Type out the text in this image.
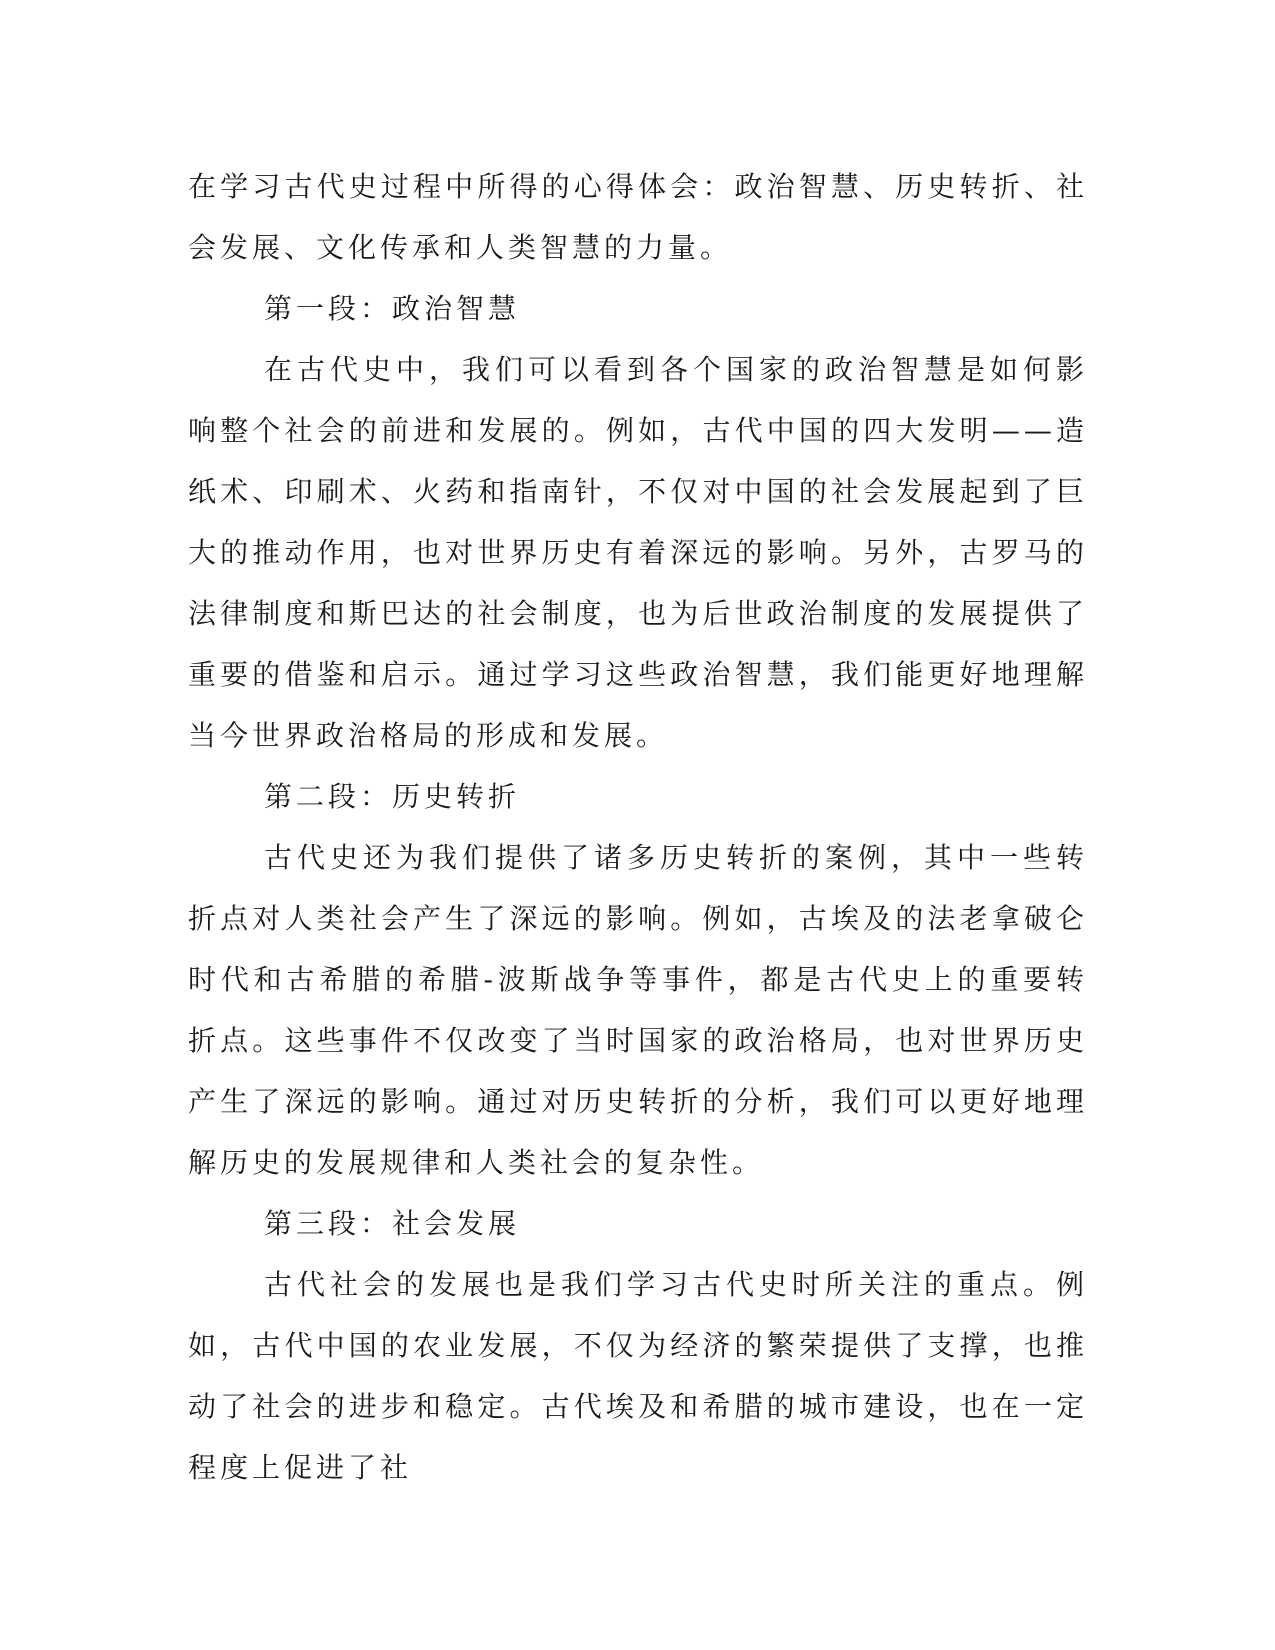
在学习古代史过程中所得的心得体会：政治智慧、历史转折、社会发展、文化传承和人类智慧的力量。

第一段：政治智慧

在古代史中，我们可以看到各个国家的政治智慧是如何影响整个社会的前进和发展的。例如，古代中国的四大发明——造纸术、印刷术、火药和指南针，不仅对中国的社会发展起到了巨大的推动作用，也对世界历史有着深远的影响。另外，古罗马的法律制度和斯巴达的社会制度，也为后世政治制度的发展提供了重要的借鉴和启示。通过学习这些政治智慧，我们能更好地理解当今世界政治格局的形成和发展。

第二段：历史转折

古代史还为我们提供了诸多历史转折的案例，其中一些转折点对人类社会产生了深远的影响。例如，古埃及的法老拿破仑时代和古希腊的希腊-波斯战争等事件，都是古代史上的重要转折点。这些事件不仅改变了当时国家的政治格局，也对世界历史产生了深远的影响。通过对历史转折的分析，我们可以更好地理解历史的发展规律和人类社会的复杂性。

第三段：社会发展

古代社会的发展也是我们学习古代史时所关注的重点。例如，古代中国的农业发展，不仅为经济的繁荣提供了支撑，也推动了社会的进步和稳定。古代埃及和希腊的城市建设，也在一定程度上促进了社
